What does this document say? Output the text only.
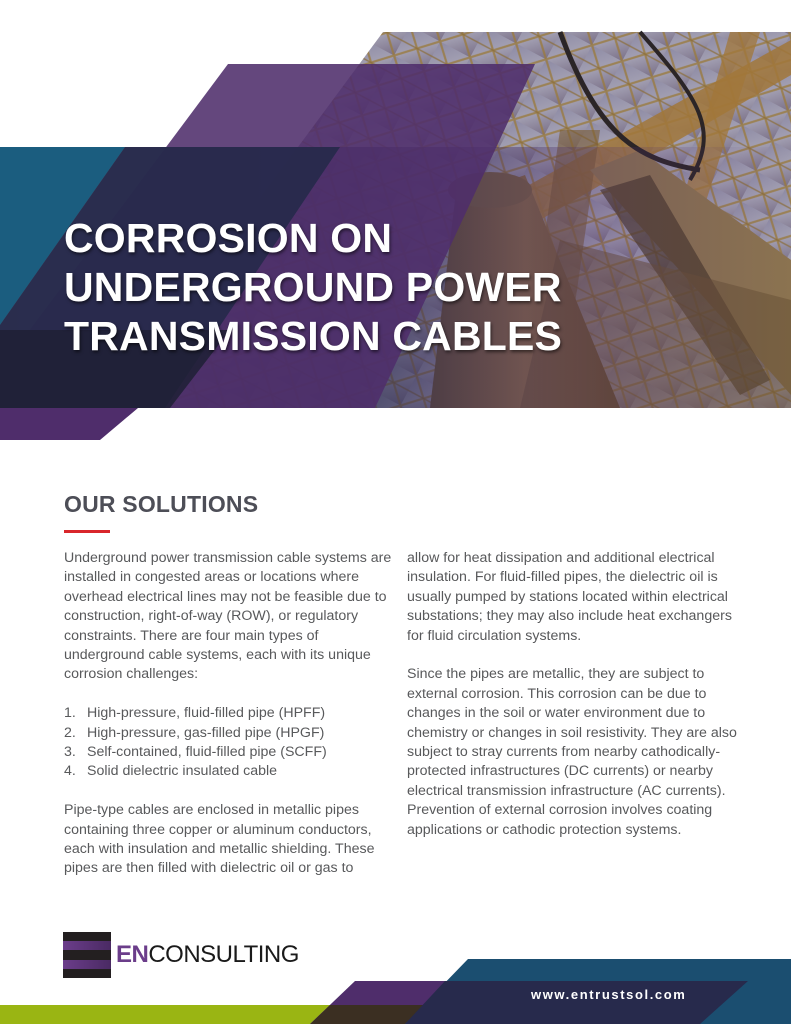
CORROSION ON
UNDERGROUND POWER
TRANSMISSION CABLES
OUR SOLUTIONS

Underground power transmission cable systems are installed in congested areas or locations where overhead electrical lines may not be feasible due to construction, right-of-way (ROW), or regulatory constraints. There are four main types of underground cable systems, each with its unique corrosion challenges:

1. High-pressure, fluid-filled pipe (HPFF)
2. High-pressure, gas-filled pipe (HPGF)
3. Self-contained, fluid-filled pipe (SCFF)
4. Solid dielectric insulated cable

Pipe-type cables are enclosed in metallic pipes containing three copper or aluminum conductors, each with insulation and metallic shielding. These pipes are then filled with dielectric oil or gas to

allow for heat dissipation and additional electrical insulation. For fluid-filled pipes, the dielectric oil is usually pumped by stations located within electrical substations; they may also include heat exchangers for fluid circulation systems.

Since the pipes are metallic, they are subject to external corrosion. This corrosion can be due to changes in the soil or water environment due to chemistry or changes in soil resistivity. They are also subject to stray currents from nearby cathodically-protected infrastructures (DC currents) or nearby electrical transmission infrastructure (AC currents). Prevention of external corrosion involves coating applications or cathodic protection systems.

ENCONSULTING
www.entrustsol.com
